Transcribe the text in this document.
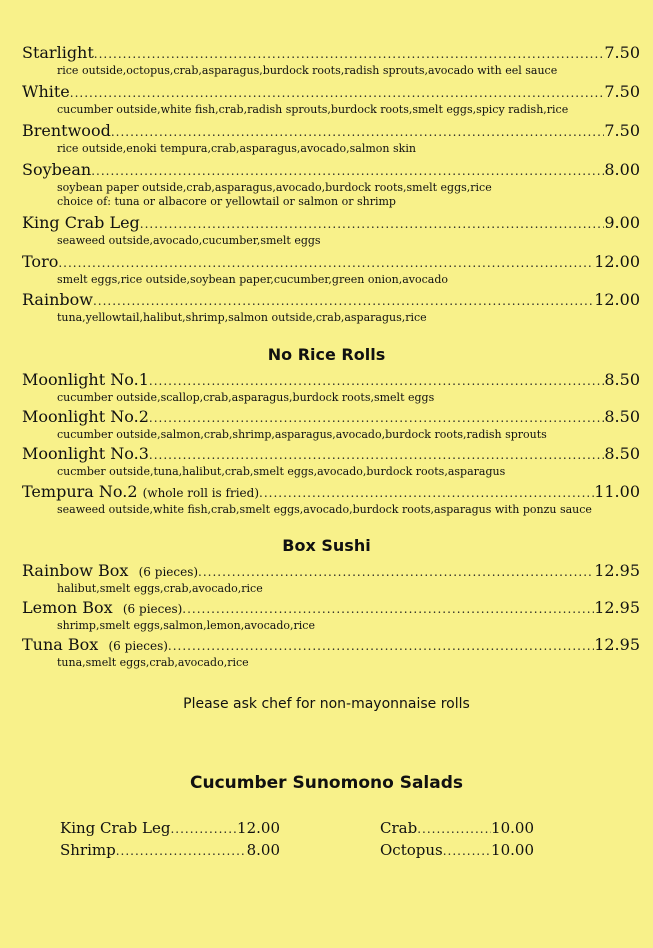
Starlight .....	7.50
rice outside,octopus,crab,asparagus,burdock roots,radish sprouts,avocado with eel sauce
White .....	7.50
cucumber outside,white fish,crab,radish sprouts,burdock roots,smelt eggs,spicy radish,rice
Brentwood .....	7.50
rice outside,enoki tempura,crab,asparagus,avocado,salmon skin
Soybean .....	8.00
soybean paper outside,crab,asparagus,avocado,burdock roots,smelt eggs,rice
choice of: tuna or albacore or yellowtail or salmon or shrimp
King Crab Leg .....	9.00
seaweed outside,avocado,cucumber,smelt eggs
Toro .....	12.00
smelt eggs,rice outside,soybean paper,cucumber,green onion,avocado
Rainbow .....	12.00
tuna,yellowtail,halibut,shrimp,salmon outside,crab,asparagus,rice
No Rice Rolls
Moonlight No.1 .....	8.50
cucumber outside,scallop,crab,asparagus,burdock roots,smelt eggs
Moonlight No.2 .....	8.50
cucumber outside,salmon,crab,shrimp,asparagus,avocado,burdock roots,radish sprouts
Moonlight No.3 .....	8.50
cucmber outside,tuna,halibut,crab,smelt eggs,avocado,burdock roots,asparagus
Tempura No.2
(whole roll is fried) .....	11.00
seaweed outside,white fish,crab,smelt eggs,avocado,burdock roots,asparagus with ponzu sauce
Box Sushi
Rainbow Box
(6 pieces) .....	12.95
halibut,smelt eggs,crab,avocado,rice
Lemon Box
(6 pieces) .....	12.95
shrimp,smelt eggs,salmon,lemon,avocado,rice
Tuna Box
(6 pieces) .....	12.95
tuna,smelt eggs,crab,avocado,rice
Please ask chef for non-mayonnaise rolls
Cucumber Sunomono Salads
King Crab Leg .....	12.00	Crab .....	10.00
Shrimp .....	8.00	Octopus .....	10.00
